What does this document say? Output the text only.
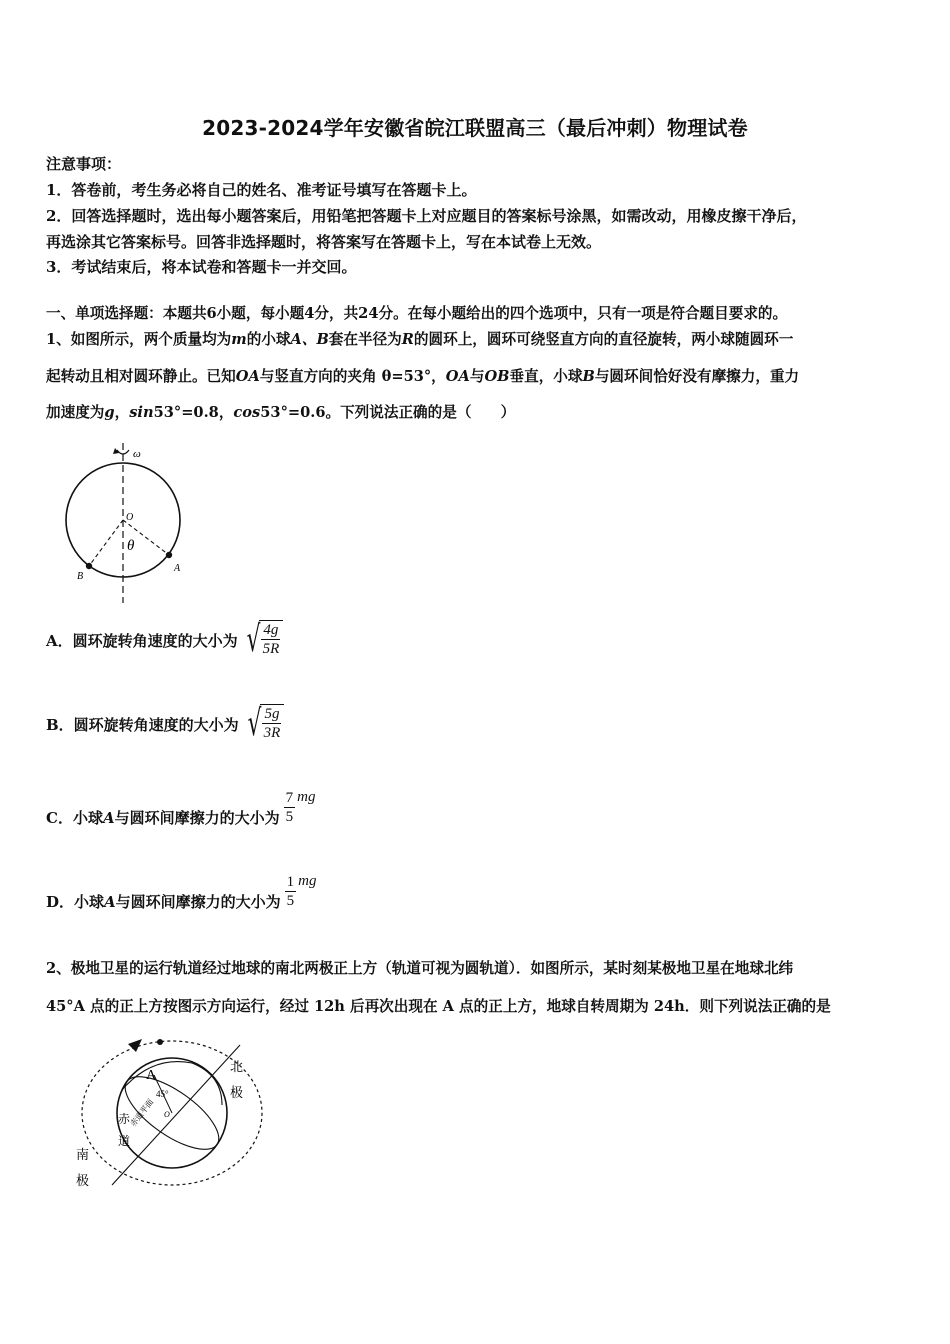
2023-2024学年安徽省皖江联盟高三（最后冲刺）物理试卷
注意事项：
1．答卷前，考生务必将自己的姓名、准考证号填写在答题卡上。
2．回答选择题时，选出每小题答案后，用铅笔把答题卡上对应题目的答案标号涂黑，如需改动，用橡皮擦干净后，
再选涂其它答案标号。回答非选择题时，将答案写在答题卡上，写在本试卷上无效。
3．考试结束后，将本试卷和答题卡一并交回。
一、单项选择题：本题共6小题，每小题4分，共24分。在每小题给出的四个选项中，只有一项是符合题目要求的。
1、如图所示，两个质量均为m的小球A、B套在半径为R的圆环上，圆环可绕竖直方向的直径旋转，两小球随圆环一
起转动且相对圆环静止。已知OA与竖直方向的夹角 θ=53°，OA与OB垂直，小球B与圆环间恰好没有摩擦力，重力
加速度为g，sin53°=0.8，cos53°=0.6。下列说法正确的是（　　）
ω
O
θ
B
A
A．圆环旋转角速度的大小为 √
$\frac{4g}{5R}$
B．圆环旋转角速度的大小为 √
$\frac{5g}{3R}$
C．小球A与圆环间摩擦力的大小为 $\frac{7}{5}$ mg
D．小球A与圆环间摩擦力的大小为 $\frac{1}{5}$ mg
2、极地卫星的运行轨道经过地球的南北两极正上方（轨道可视为圆轨道）．如图所示，某时刻某极地卫星在地球北纬
45°A 点的正上方按图示方向运行，经过 12h 后再次出现在 A 点的正上方，地球自转周期为 24h．则下列说法正确的是
A
45°
O
北
极
南
极
赤
道
赤道平面
